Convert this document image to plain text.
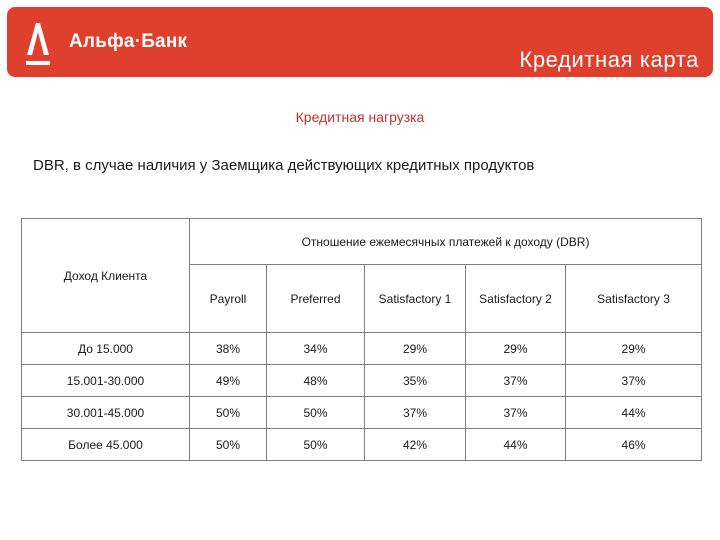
Альфа·Банк
Кредитная карта
Кредитная нагрузка
DBR, в случае наличия у Заемщика действующих кредитных продуктов
Доход Клиента	Отношение ежемесячных платежей к доходу (DBR)				
	Payroll	Preferred	Satisfactory 1	Satisfactory 2	Satisfactory 3
До 15.000	38%	34%	29%	29%	29%
15.001-30.000	49%	48%	35%	37%	37%
30.001-45.000	50%	50%	37%	37%	44%
Более 45.000	50%	50%	42%	44%	46%
